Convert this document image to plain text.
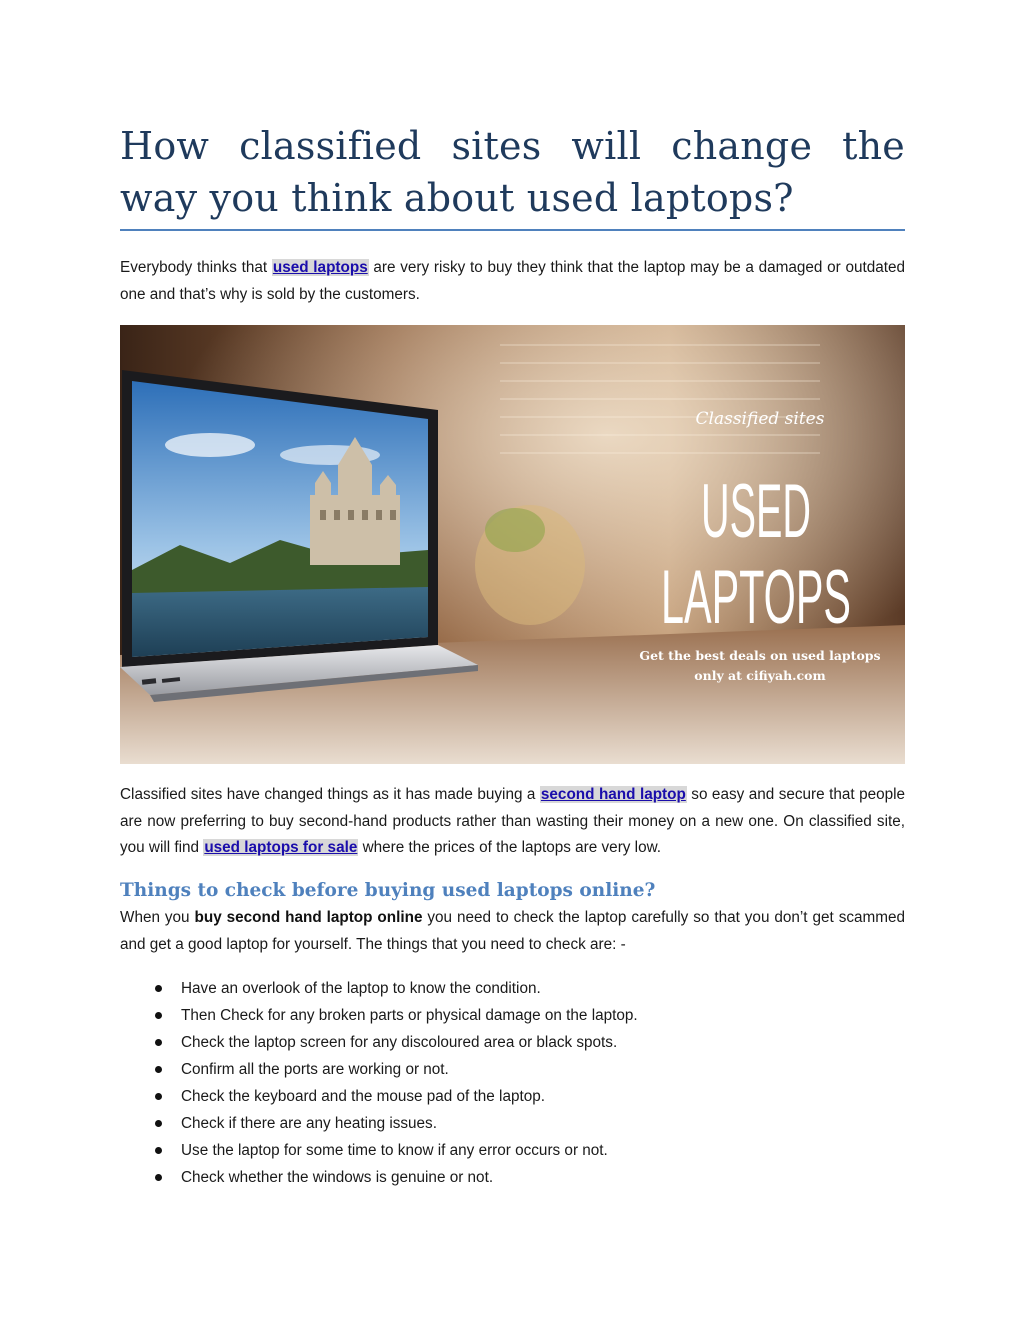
How classified sites will change the way you think about used laptops?

Everybody thinks that used laptops are very risky to buy they think that the laptop may be a damaged or outdated one and that’s why is sold by the customers.

Classified sites
USED
LAPTOPS
Get the best deals on used laptops
only at cifiyah.com

Classified sites have changed things as it has made buying a second hand laptop so easy and secure that people are now preferring to buy second-hand products rather than wasting their money on a new one. On classified site, you will find used laptops for sale where the prices of the laptops are very low.

Things to check before buying used laptops online?

When you buy second hand laptop online you need to check the laptop carefully so that you don’t get scammed and get a good laptop for yourself. The things that you need to check are: -

Have an overlook of the laptop to know the condition.
Then Check for any broken parts or physical damage on the laptop.
Check the laptop screen for any discoloured area or black spots.
Confirm all the ports are working or not.
Check the keyboard and the mouse pad of the laptop.
Check if there are any heating issues.
Use the laptop for some time to know if any error occurs or not.
Check whether the windows is genuine or not.
